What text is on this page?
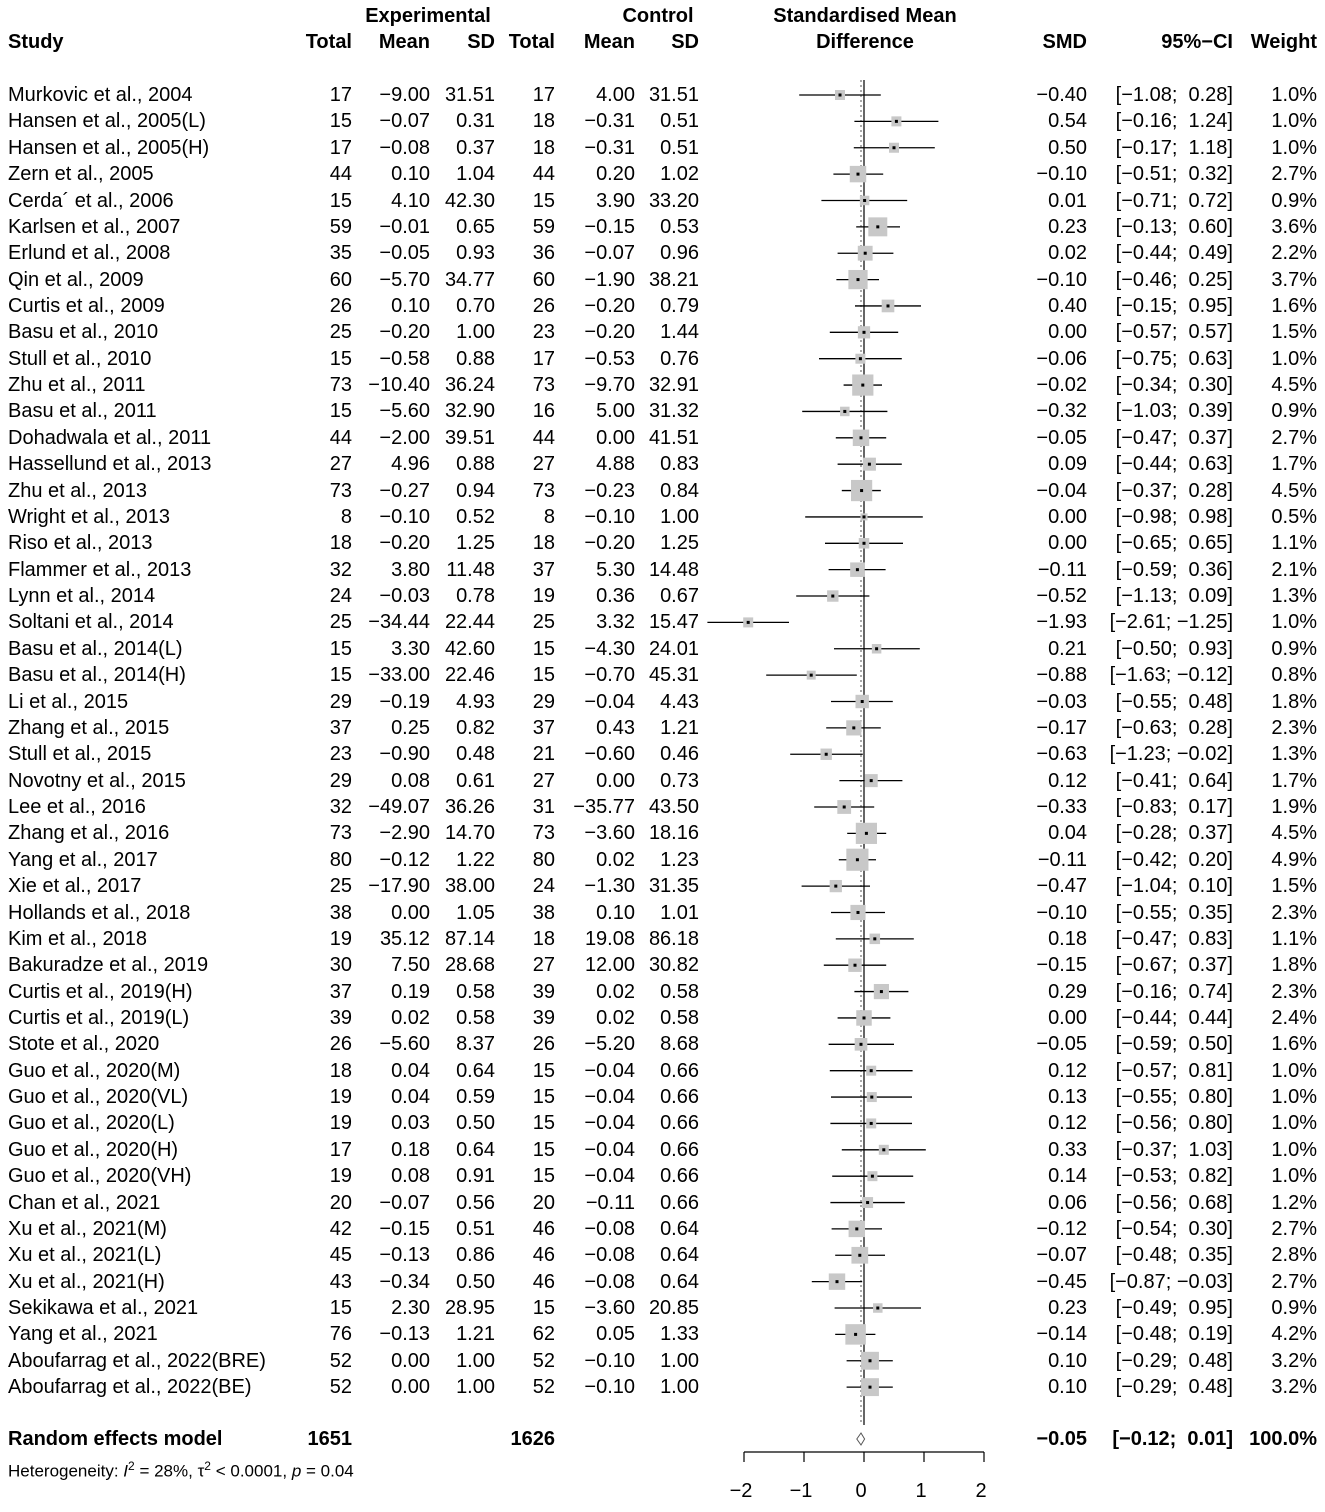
Experimental	Control	Standardised Mean
Difference
Study	Total	Mean	SD Total	Mean	SD	SMD	95%−CI Weight
Murkovic et al., 2004	17	−9.00 31.51	17	4.00 31.51	−0.40	[−1.08;  0.28]	1.0%
Hansen et al., 2005(L)	15	−0.07	0.31	18	−0.31	0.51	0.54	[−0.16;  1.24]	1.0%
Hansen et al., 2005(H)	17	−0.08	0.37	18	−0.31	0.51	0.50	[−0.17;  1.18]	1.0%
Zern et al., 2005	44	0.10	1.04	44	0.20	1.02	−0.10	[−0.51;  0.32]	2.7%
Cerda´ et al., 2006	15	4.10 42.30	15	3.90 33.20	0.01	[−0.71;  0.72]	0.9%
Karlsen et al., 2007	59	−0.01	0.65	59	−0.15	0.53	0.23	[−0.13;  0.60]	3.6%
Erlund et al., 2008	35	−0.05	0.93	36	−0.07	0.96	0.02	[−0.44;  0.49]	2.2%
Qin et al., 2009	60	−5.70 34.77	60	−1.90 38.21	−0.10	[−0.46;  0.25]	3.7%
Curtis et al., 2009	26	0.10	0.70	26	−0.20	0.79	0.40	[−0.15;  0.95]	1.6%
Basu et al., 2010	25	−0.20	1.00	23	−0.20	1.44	0.00	[−0.57;  0.57]	1.5%
Stull et al., 2010	15	−0.58	0.88	17	−0.53	0.76	−0.06	[−0.75;  0.63]	1.0%
Zhu et al., 2011	73 −10.40 36.24	73	−9.70 32.91	−0.02	[−0.34;  0.30]	4.5%
Basu et al., 2011	15	−5.60 32.90	16	5.00 31.32	−0.32	[−1.03;  0.39]	0.9%
Dohadwala et al., 2011	44	−2.00 39.51	44	0.00 41.51	−0.05	[−0.47;  0.37]	2.7%
Hassellund et al., 2013	27	4.96	0.88	27	4.88	0.83	0.09	[−0.44;  0.63]	1.7%
Zhu et al., 2013	73	−0.27	0.94	73	−0.23	0.84	−0.04	[−0.37;  0.28]	4.5%
Wright et al., 2013	8	−0.10	0.52	8	−0.10	1.00	0.00	[−0.98;  0.98]	0.5%
Riso et al., 2013	18	−0.20	1.25	18	−0.20	1.25	0.00	[−0.65;  0.65]	1.1%
Flammer et al., 2013	32	3.80 11.48	37	5.30 14.48	−0.11	[−0.59;  0.36]	2.1%
Lynn et al., 2014	24	−0.03	0.78	19	0.36	0.67	−0.52	[−1.13;  0.09]	1.3%
Soltani et al., 2014	25 −34.44 22.44	25	3.32 15.47	−1.93	[−2.61; −1.25]	1.0%
Basu et al., 2014(L)	15	3.30 42.60	15	−4.30 24.01	0.21	[−0.50;  0.93]	0.9%
Basu et al., 2014(H)	15 −33.00 22.46	15	−0.70 45.31	−0.88	[−1.63; −0.12]	0.8%
Li et al., 2015	29	−0.19	4.93	29	−0.04	4.43	−0.03	[−0.55;  0.48]	1.8%
Zhang et al., 2015	37	0.25	0.82	37	0.43	1.21	−0.17	[−0.63;  0.28]	2.3%
Stull et al., 2015	23	−0.90	0.48	21	−0.60	0.46	−0.63	[−1.23; −0.02]	1.3%
Novotny et al., 2015	29	0.08	0.61	27	0.00	0.73	0.12	[−0.41;  0.64]	1.7%
Lee et al., 2016	32 −49.07 36.26	31 −35.77 43.50	−0.33	[−0.83;  0.17]	1.9%
Zhang et al., 2016	73	−2.90 14.70	73	−3.60 18.16	0.04	[−0.28;  0.37]	4.5%
Yang et al., 2017	80	−0.12	1.22	80	0.02	1.23	−0.11	[−0.42;  0.20]	4.9%
Xie et al., 2017	25 −17.90 38.00	24	−1.30 31.35	−0.47	[−1.04;  0.10]	1.5%
Hollands et al., 2018	38	0.00	1.05	38	0.10	1.01	−0.10	[−0.55;  0.35]	2.3%
Kim et al., 2018	19	35.12 87.14	18	19.08 86.18	0.18	[−0.47;  0.83]	1.1%
Bakuradze et al., 2019	30	7.50 28.68	27	12.00 30.82	−0.15	[−0.67;  0.37]	1.8%
Curtis et al., 2019(H)	37	0.19	0.58	39	0.02	0.58	0.29	[−0.16;  0.74]	2.3%
Curtis et al., 2019(L)	39	0.02	0.58	39	0.02	0.58	0.00	[−0.44;  0.44]	2.4%
Stote et al., 2020	26	−5.60	8.37	26	−5.20	8.68	−0.05	[−0.59;  0.50]	1.6%
Guo et al., 2020(M)	18	0.04	0.64	15	−0.04	0.66	0.12	[−0.57;  0.81]	1.0%
Guo et al., 2020(VL)	19	0.04	0.59	15	−0.04	0.66	0.13	[−0.55;  0.80]	1.0%
Guo et al., 2020(L)	19	0.03	0.50	15	−0.04	0.66	0.12	[−0.56;  0.80]	1.0%
Guo et al., 2020(H)	17	0.18	0.64	15	−0.04	0.66	0.33	[−0.37;  1.03]	1.0%
Guo et al., 2020(VH)	19	0.08	0.91	15	−0.04	0.66	0.14	[−0.53;  0.82]	1.0%
Chan et al., 2021	20	−0.07	0.56	20	−0.11	0.66	0.06	[−0.56;  0.68]	1.2%
Xu et al., 2021(M)	42	−0.15	0.51	46	−0.08	0.64	−0.12	[−0.54;  0.30]	2.7%
Xu et al., 2021(L)	45	−0.13	0.86	46	−0.08	0.64	−0.07	[−0.48;  0.35]	2.8%
Xu et al., 2021(H)	43	−0.34	0.50	46	−0.08	0.64	−0.45	[−0.87; −0.03]	2.7%
Sekikawa et al., 2021	15	2.30 28.95	15	−3.60 20.85	0.23	[−0.49;  0.95]	0.9%
Yang et al., 2021	76	−0.13	1.21	62	0.05	1.33	−0.14	[−0.48;  0.19]	4.2%
Aboufarrag et al., 2022(BRE)	52	0.00	1.00	52	−0.10	1.00	0.10	[−0.29;  0.48]	3.2%
Aboufarrag et al., 2022(BE)	52	0.00	1.00	52	−0.10	1.00	0.10	[−0.29;  0.48]	3.2%
Random effects model	1651	1626	−0.05	[−0.12;  0.01] 100.0%
Heterogeneity: $I^2 = 28\%$, $\tau^2 < 0.0001$, p = 0.04
−2 −1 0 1 2
